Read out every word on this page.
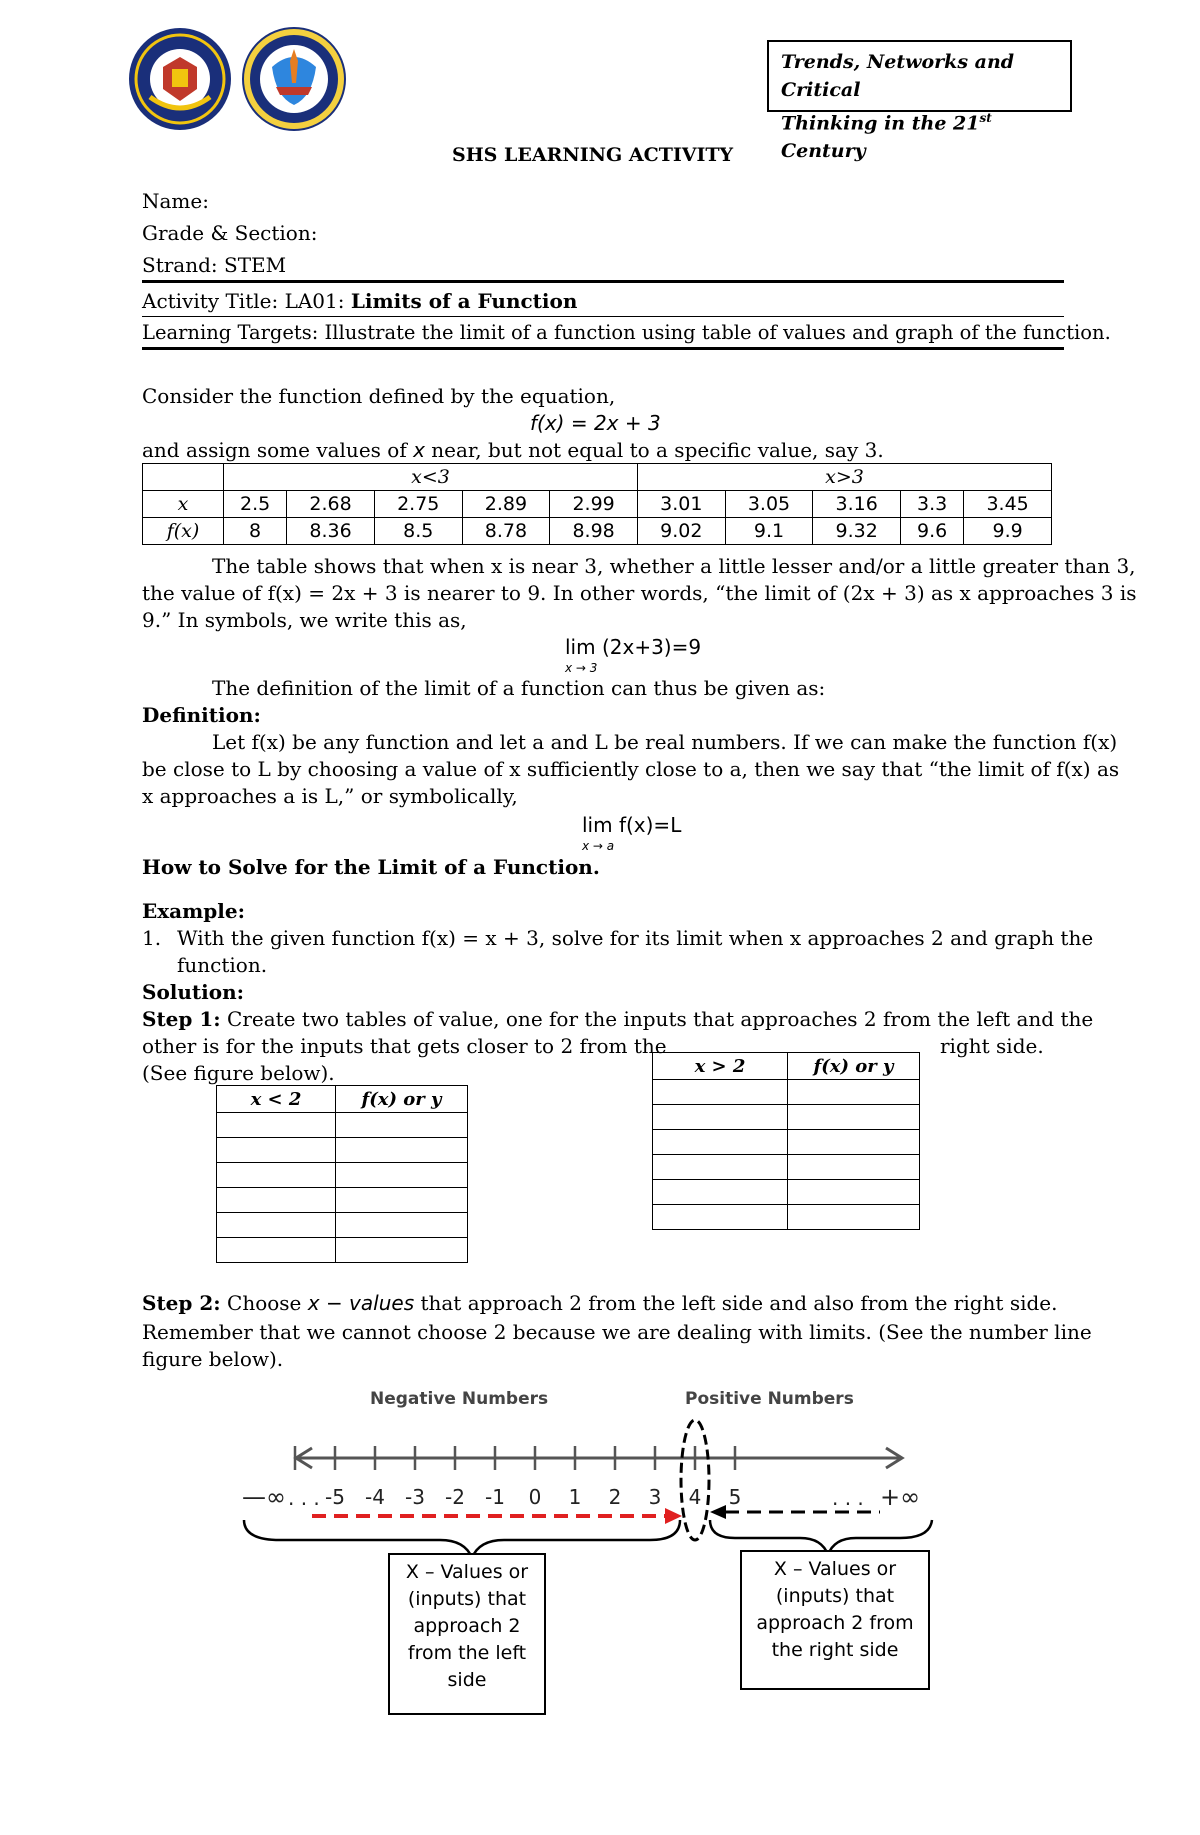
Trends, Networks and Critical
Thinking in the 21st Century
SHS LEARNING ACTIVITY
Name:
Grade & Section:
Strand: STEM
Activity Title: LA01: Limits of a Function
Learning Targets: Illustrate the limit of a function using table of values and graph of the function.
Consider the function defined by the equation,
f(x) = 2x + 3
and assign some values of x near, but not equal to a specific value, say 3.
	x<3					x>3				
x	2.5	2.68	2.75	2.89	2.99	3.01	3.05	3.16	3.3	3.45
f(x)	8	8.36	8.5	8.78	8.98	9.02	9.1	9.32	9.6	9.9
The table shows that when x is near 3, whether a little lesser and/or a little greater than 3,
the value of f(x) = 2x + 3 is nearer to 9. In other words, “the limit of (2x + 3) as x approaches 3 is
9.” In symbols, we write this as,
lim (2x+3)=9
x → 3
The definition of the limit of a function can thus be given as:
Definition:
Let f(x) be any function and let a and L be real numbers. If we can make the function f(x)
be close to L by choosing a value of x sufficiently close to a, then we say that “the limit of f(x) as
x approaches a is L,” or symbolically,
lim f(x)=L
x → a
How to Solve for the Limit of a Function.
Example:
1. With the given function f(x) = x + 3, solve for its limit when x approaches 2 and graph the
function.
Solution:
Step 1: Create two tables of value, one for the inputs that approaches 2 from the left and the
other is for the inputs that gets closer to 2 from the	right side.
(See figure below).
x < 2	f(x) or y

x > 2	f(x) or y

Step 2: Choose x − values that approach 2 from the left side and also from the right side.
Remember that we cannot choose 2 because we are dealing with limits. (See the number line
figure below).
Negative Numbers	Positive Numbers
-5 -4 -3 -2 -1 0 1 2 3 4 5
—∞	+∞
. . .	. . .
X – Values or
(inputs) that
approach 2
from the left
side
X – Values or
(inputs) that
approach 2 from
the right side
